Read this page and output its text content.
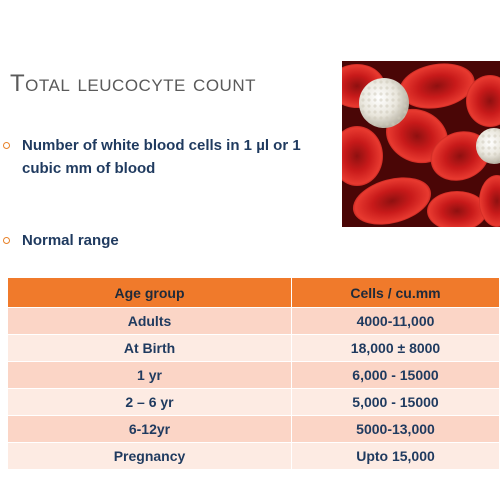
Total leucocyte count
Number of white blood cells in 1 µl or 1 cubic mm of blood
Normal range
Age group	Cells / cu.mm
Adults	4000-11,000
At Birth	18,000 ± 8000
1 yr	6,000 - 15000
2 – 6 yr	5,000 - 15000
6-12yr	5000-13,000
Pregnancy	Upto 15,000
